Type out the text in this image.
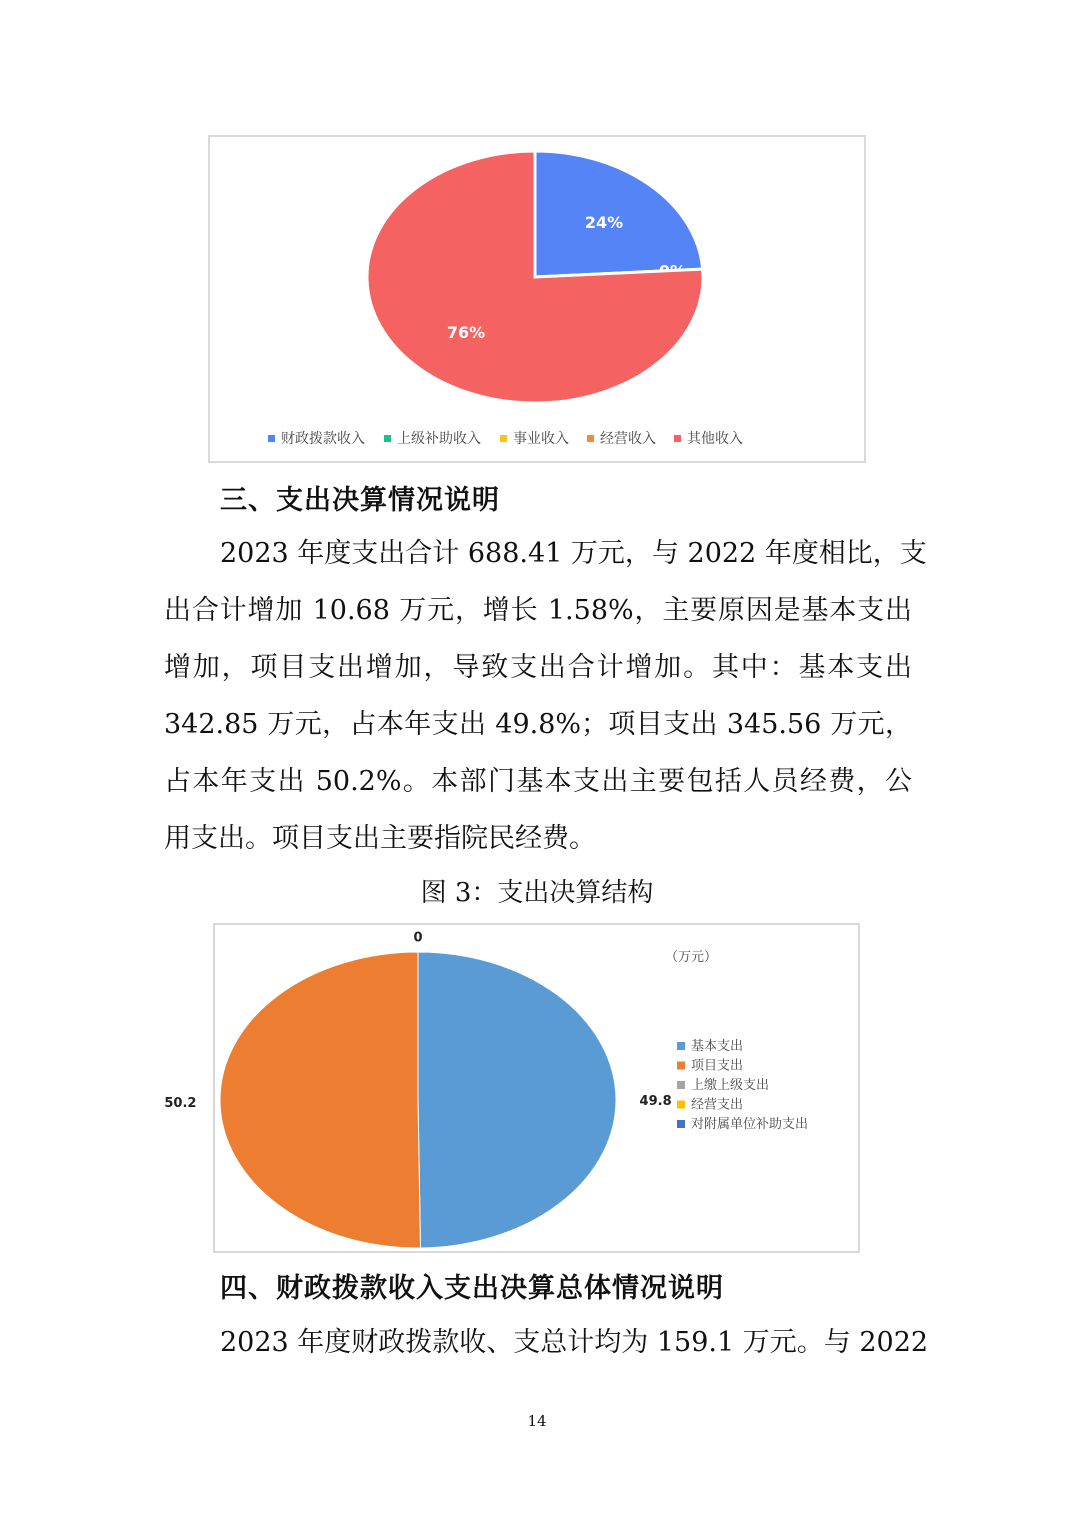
24%
76%
财政拨款收入 上级补助收入 事业收入 经营收入 其他收入
三、支出决算情况说明
2023 年度支出合计 688.41 万元，与 2022 年度相比，支
出合计增加 10.68 万元，增长 1.58%，主要原因是基本支出
增加，项目支出增加，导致支出合计增加。其中：基本支出
342.85 万元，占本年支出 49.8%；项目支出 345.56 万元，
占本年支出 50.2%。本部门基本支出主要包括人员经费，公
用支出。项目支出主要指院民经费。

图 3：支出决算结构

49.8
50.2
0
（万元）
基本支出
项目支出
上缴上级支出
经营支出
对附属单位补助支出
四、财政拨款收入支出决算总体情况说明
2023 年度财政拨款收、支总计均为 159.1 万元。与 2022

14
